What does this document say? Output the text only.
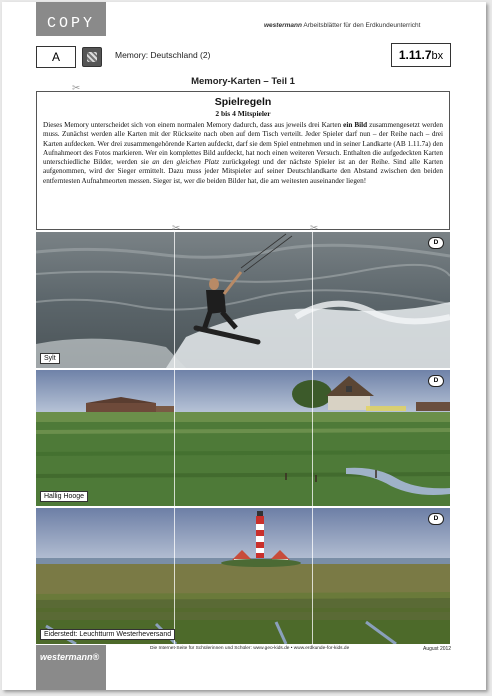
COPY	westermann Arbeitsblätter für den Erdkundeunterricht
A	Memory: Deutschland (2)	1.11.7bx
✂
Memory-Karten – Teil 1
Spielregeln
2 bis 4 Mitspieler
Dieses Memory unterscheidet sich von einem normalen Memory dadurch, dass aus jeweils drei Karten ein Bild zusammengesetzt werden muss. Zunächst werden alle Karten mit der Rückseite nach oben auf dem Tisch verteilt. Jeder Spieler darf nun – der Reihe nach – drei Karten aufdecken. Wer drei zusammengehörende Karten aufdeckt, darf sie dem Spiel entnehmen und in seiner Landkarte (AB 1.11.7a) den Aufnahmeort des Fotos markieren. Wer ein komplettes Bild aufdeckt, hat noch einen weiteren Versuch. Enthalten die aufgedeckten Karten unterschiedliche Bilder, werden sie an den gleichen Platz zurückgelegt und der nächste Spieler ist an der Reihe. Sind alle Karten aufgenommen, wird der Sieger ermittelt. Dazu muss jeder Mitspieler auf seiner Deutschlandkarte den Abstand zwischen den beiden entferntesten Aufnahmeorten messen. Sieger ist, wer die beiden Bilder hat, die am weitesten auseinander liegen!
D
Sylt
D
Hallig Hooge
D
Eiderstedt: Leuchtturm Westerheversand
✂	✂
westermann®
Die Internet-Seite für Schülerinnen und Schüler: www.geo-kids.de • www.erdkunde-for-kids.de	August 2012
